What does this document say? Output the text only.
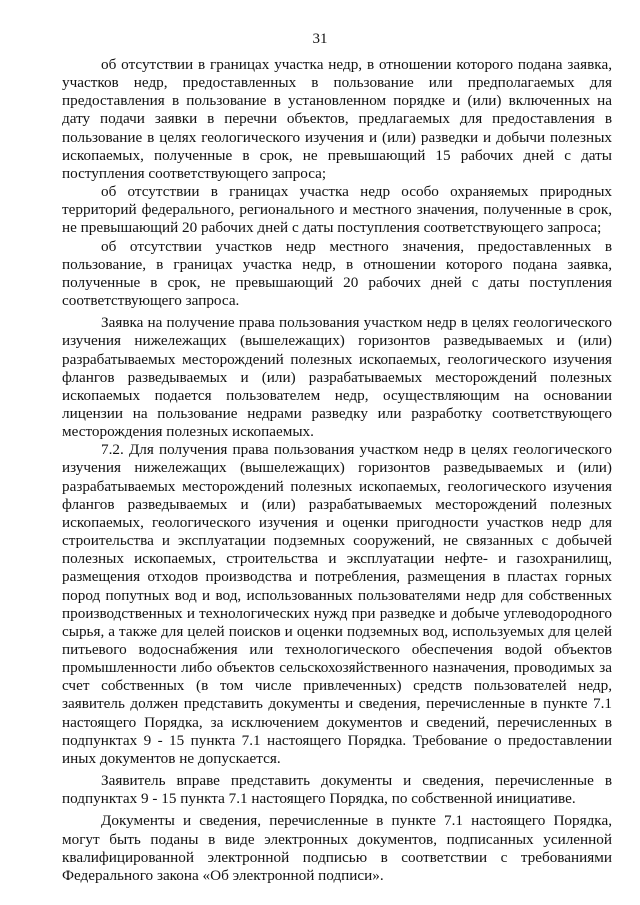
31

об отсутствии в границах участка недр, в отношении которого подана заявка, участков недр, предоставленных в пользование или предполагаемых для предоставления в пользование в установленном порядке и (или) включенных на дату подачи заявки в перечни объектов, предлагаемых для предоставления в пользование в целях геологического изучения и (или) разведки и добычи полезных ископаемых, полученные в срок, не превышающий 15 рабочих дней с даты поступления соответствующего запроса;

об отсутствии в границах участка недр особо охраняемых природных территорий федерального, регионального и местного значения, полученные в срок, не превышающий 20 рабочих дней с даты поступления соответствующего запроса;

об отсутствии участков недр местного значения, предоставленных в пользование, в границах участка недр, в отношении которого подана заявка, полученные в срок, не превышающий 20 рабочих дней с даты поступления соответствующего запроса.

Заявка на получение права пользования участком недр в целях геологического изучения нижележащих (вышележащих) горизонтов разведываемых и (или) разрабатываемых месторождений полезных ископаемых, геологического изучения флангов разведываемых и (или) разрабатываемых месторождений полезных ископаемых подается пользователем недр, осуществляющим на основании лицензии на пользование недрами разведку или разработку соответствующего месторождения полезных ископаемых.

7.2. Для получения права пользования участком недр в целях геологического изучения нижележащих (вышележащих) горизонтов разведываемых и (или) разрабатываемых месторождений полезных ископаемых, геологического изучения флангов разведываемых и (или) разрабатываемых месторождений полезных ископаемых, геологического изучения и оценки пригодности участков недр для строительства и эксплуатации подземных сооружений, не связанных с добычей полезных ископаемых, строительства и эксплуатации нефте- и газохранилищ, размещения отходов производства и потребления, размещения в пластах горных пород попутных вод и вод, использованных пользователями недр для собственных производственных и технологических нужд при разведке и добыче углеводородного сырья, а также для целей поисков и оценки подземных вод, используемых для целей питьевого водоснабжения или технологического обеспечения водой объектов промышленности либо объектов сельскохозяйственного назначения, проводимых за счет собственных (в том числе привлеченных) средств пользователей недр, заявитель должен представить документы и сведения, перечисленные в пункте 7.1 настоящего Порядка, за исключением документов и сведений, перечисленных в подпунктах 9 - 15 пункта 7.1 настоящего Порядка. Требование о предоставлении иных документов не допускается.

Заявитель вправе представить документы и сведения, перечисленные в подпунктах 9 - 15 пункта 7.1 настоящего Порядка, по собственной инициативе.

Документы и сведения, перечисленные в пункте 7.1 настоящего Порядка, могут быть поданы в виде электронных документов, подписанных усиленной квалифицированной электронной подписью в соответствии с требованиями Федерального закона «Об электронной подписи».
